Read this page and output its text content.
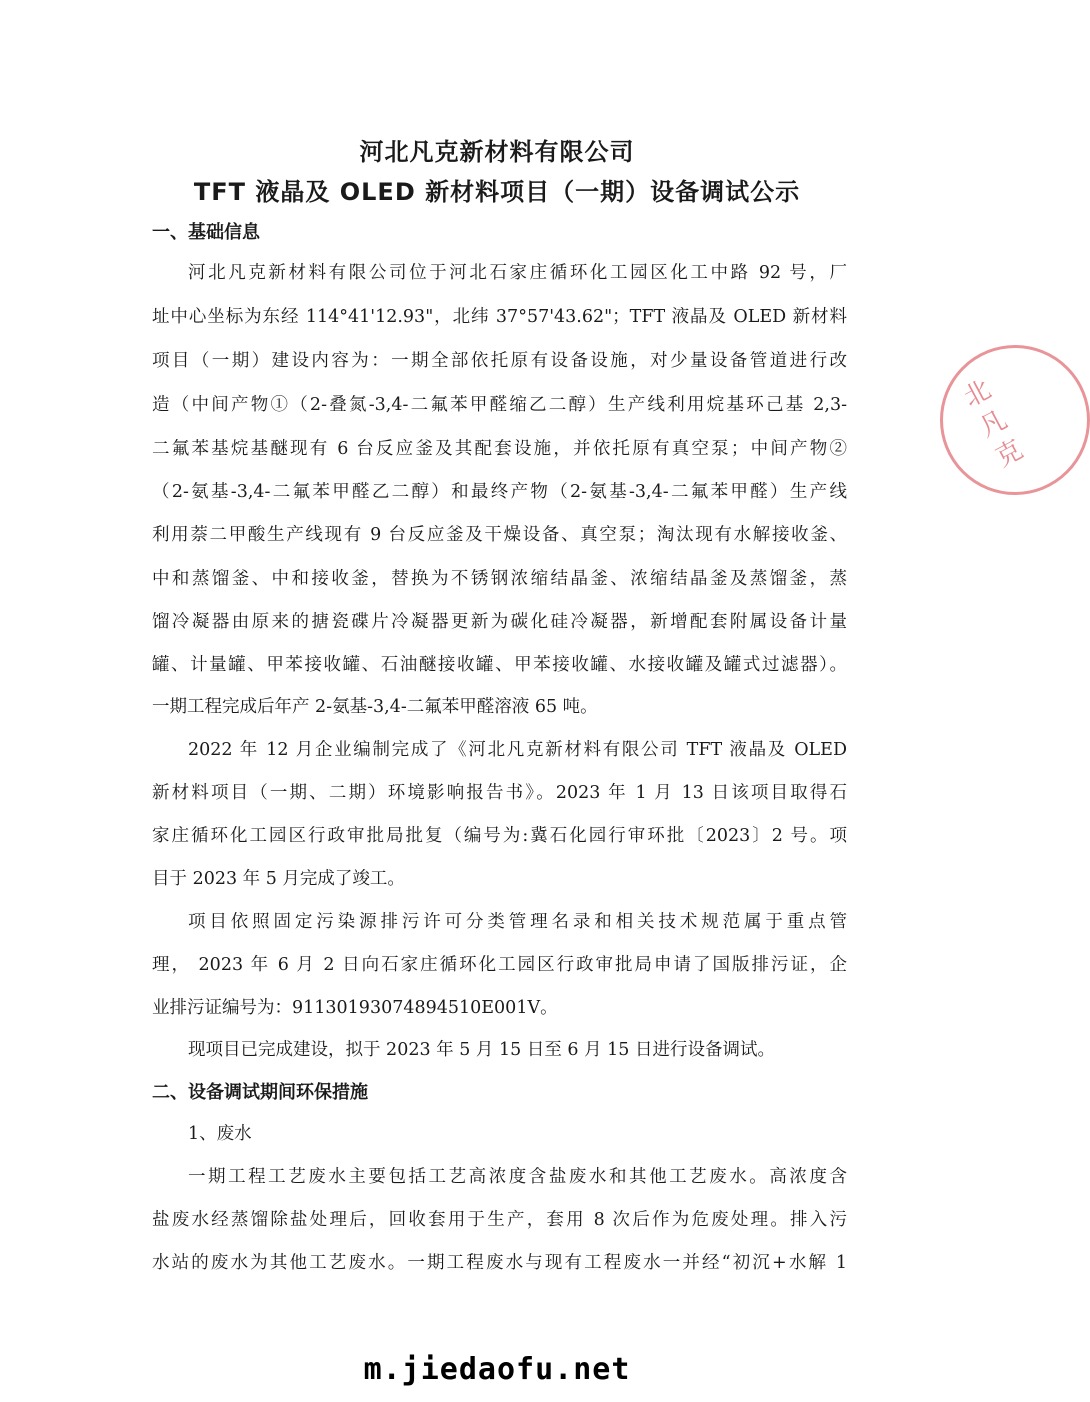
河北凡克新材料有限公司
TFT 液晶及 OLED 新材料项目（一期）设备调试公示
一、基础信息
河北凡克新材料有限公司位于河北石家庄循环化工园区化工中路 92 号，厂
址中心坐标为东经 114°41'12.93"，北纬 37°57'43.62"；TFT 液晶及 OLED 新材料
项目（一期）建设内容为：一期全部依托原有设备设施，对少量设备管道进行改
造（中间产物①（2-叠氮-3,4-二氟苯甲醛缩乙二醇）生产线利用烷基环己基 2,3-
二氟苯基烷基醚现有 6 台反应釜及其配套设施，并依托原有真空泵；中间产物②
（2-氨基-3,4-二氟苯甲醛乙二醇）和最终产物（2-氨基-3,4-二氟苯甲醛）生产线
利用萘二甲酸生产线现有 9 台反应釜及干燥设备、真空泵；淘汰现有水解接收釜、
中和蒸馏釜、中和接收釜，替换为不锈钢浓缩结晶釜、浓缩结晶釜及蒸馏釜，蒸
馏冷凝器由原来的搪瓷碟片冷凝器更新为碳化硅冷凝器，新增配套附属设备计量
罐、计量罐、甲苯接收罐、石油醚接收罐、甲苯接收罐、水接收罐及罐式过滤器）。
一期工程完成后年产 2-氨基-3,4-二氟苯甲醛溶液 65 吨。
2022 年 12 月企业编制完成了《河北凡克新材料有限公司 TFT 液晶及 OLED
新材料项目（一期、二期）环境影响报告书》。2023 年 1 月 13 日该项目取得石
家庄循环化工园区行政审批局批复（编号为:冀石化园行审环批〔2023〕2 号。项
目于 2023 年 5 月完成了竣工。
项目依照固定污染源排污许可分类管理名录和相关技术规范属于重点管
理， 2023 年 6 月 2 日向石家庄循环化工园区行政审批局申请了国版排污证，企
业排污证编号为：91130193074894510E001V。
现项目已完成建设，拟于 2023 年 5 月 15 日至 6 月 15 日进行设备调试。
二、设备调试期间环保措施
1、废水
一期工程工艺废水主要包括工艺高浓度含盐废水和其他工艺废水。高浓度含
盐废水经蒸馏除盐处理后，回收套用于生产，套用 8 次后作为危废处理。排入污
水站的废水为其他工艺废水。一期工程废水与现有工程废水一并经“初沉+水解 1
北凡克
m.jiedaofu.net
